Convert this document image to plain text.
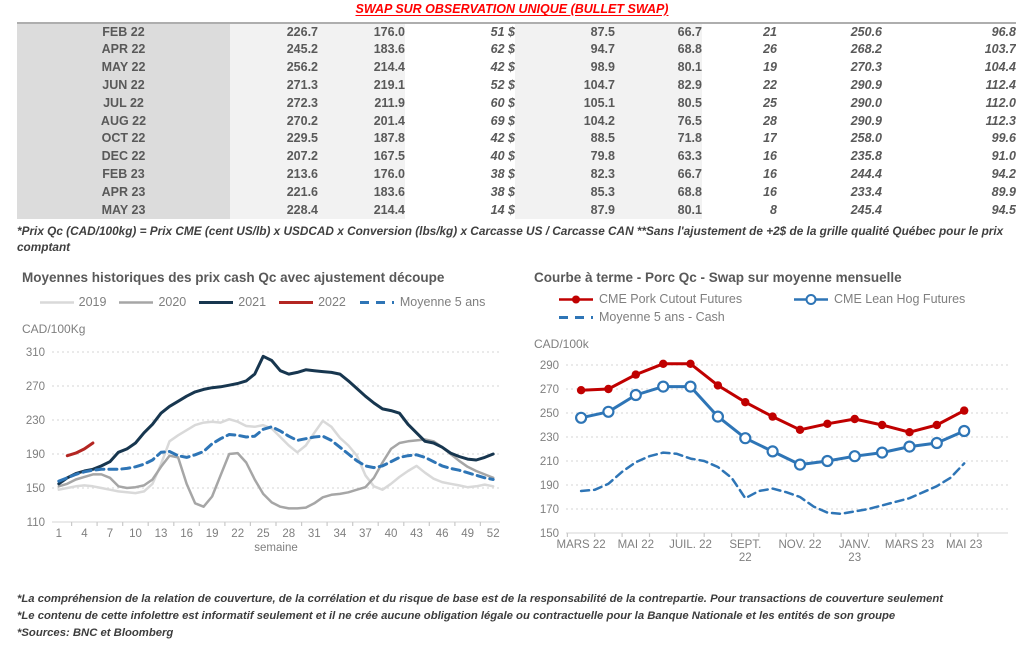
SWAP SUR OBSERVATION UNIQUE (BULLET SWAP)
FEB 22	226.7	176.0	51 $	87.5	66.7	21	250.6	96.8
APR 22	245.2	183.6	62 $	94.7	68.8	26	268.2	103.7
MAY 22	256.2	214.4	42 $	98.9	80.1	19	270.3	104.4
JUN 22	271.3	219.1	52 $	104.7	82.9	22	290.9	112.4
JUL 22	272.3	211.9	60 $	105.1	80.5	25	290.0	112.0
AUG 22	270.2	201.4	69 $	104.2	76.5	28	290.9	112.3
OCT 22	229.5	187.8	42 $	88.5	71.8	17	258.0	99.6
DEC 22	207.2	167.5	40 $	79.8	63.3	16	235.8	91.0
FEB 23	213.6	176.0	38 $	82.3	66.7	16	244.4	94.2
APR 23	221.6	183.6	38 $	85.3	68.8	16	233.4	89.9
MAY 23	228.4	214.4	14 $	87.9	80.1	8	245.4	94.5

*Prix Qc (CAD/100kg) = Prix CME (cent US/lb) x USDCAD x Conversion (lbs/kg) x Carcasse US / Carcasse CAN **Sans l'ajustement de +2$ de la grille qualité Québec pour le prix comptant

Moyennes historiques des prix cash Qc avec ajustement découpe
2019	2020	2021	2022	Moyenne 5 ans
CAD/100Kg
110
150
190
230
270
310
1 4 7 10 13 16 19 22 25 28 31 34 37 40 43 46 49 52
semaine
Courbe à terme - Porc Qc - Swap sur moyenne mensuelle
CME Pork Cutout Futures	CME Lean Hog Futures
Moyenne 5 ans - Cash
CAD/100k
150
170
190
210
230
250
270
290
MARS 22 MAI 22 JUIL. 22 SEPT.
22
NOV. 22 JANV.
23
MARS 23 MAI 23

*La compréhension de la relation de couverture, de la corrélation et du risque de base est de la responsabilité de la contrepartie. Pour transactions de couverture seulement

*Le contenu de cette infolettre est informatif seulement et il ne crée aucune obligation légale ou contractuelle pour la Banque Nationale et les entités de son groupe

*Sources: BNC et Bloomberg
